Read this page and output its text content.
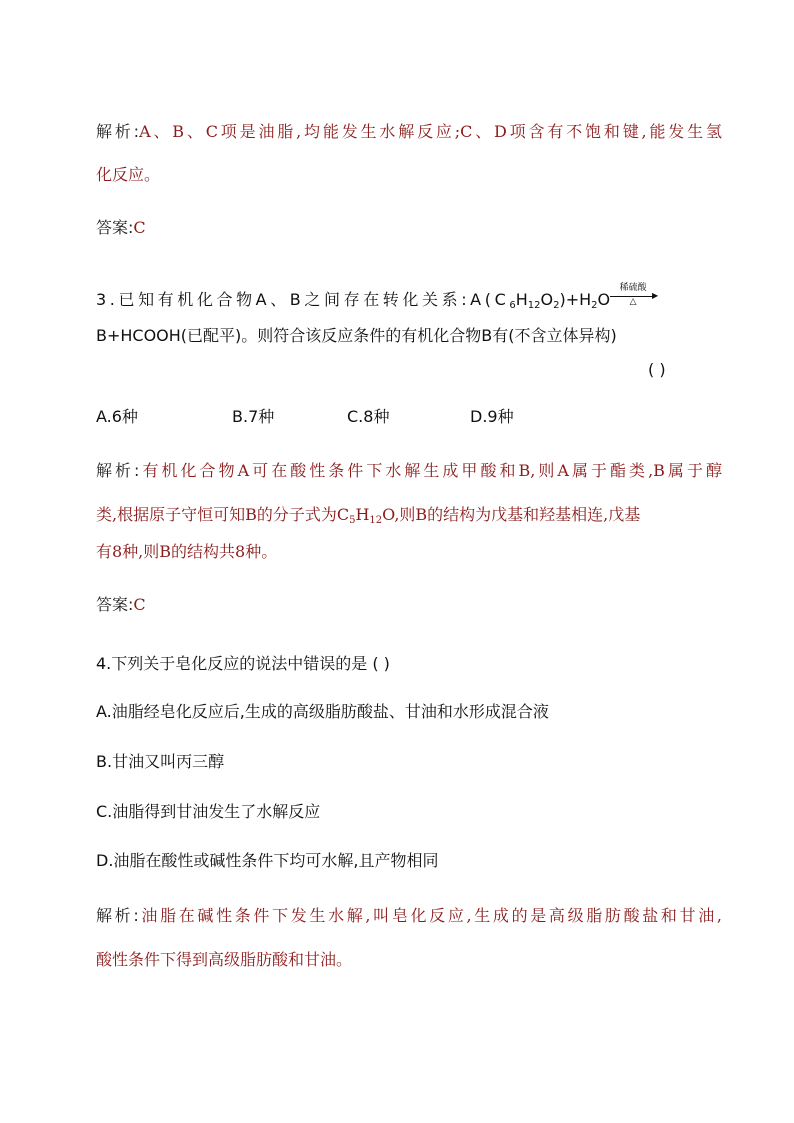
解析:A、B、C项是油脂,均能发生水解反应;C、D项含有不饱和键,能发生氢
化反应。
答案:C
3.已知有机化合物A、B之间存在转化关系$:A(C_6H_{12}O_2)+H_2O$
稀硫酸
▶
△
B+HCOOH(已配平)。则符合该反应条件的有机化合物B有(不含立体异构)
( )
A.6种	B.7种	C.8种	D.9种
解析:有机化合物A可在酸性条件下水解生成甲酸和B,则A属于酯类,B属于醇
类,根据原子守恒可知B的分子式为$C_5H_{12}O$,则B的结构为戊基和羟基相连,戊基
有8种,则B的结构共8种。
答案:C
4.下列关于皂化反应的说法中错误的是 ( )
A.油脂经皂化反应后,生成的高级脂肪酸盐、甘油和水形成混合液
B.甘油又叫丙三醇
C.油脂得到甘油发生了水解反应
D.油脂在酸性或碱性条件下均可水解,且产物相同
解析:油脂在碱性条件下发生水解,叫皂化反应,生成的是高级脂肪酸盐和甘油,
酸性条件下得到高级脂肪酸和甘油。
